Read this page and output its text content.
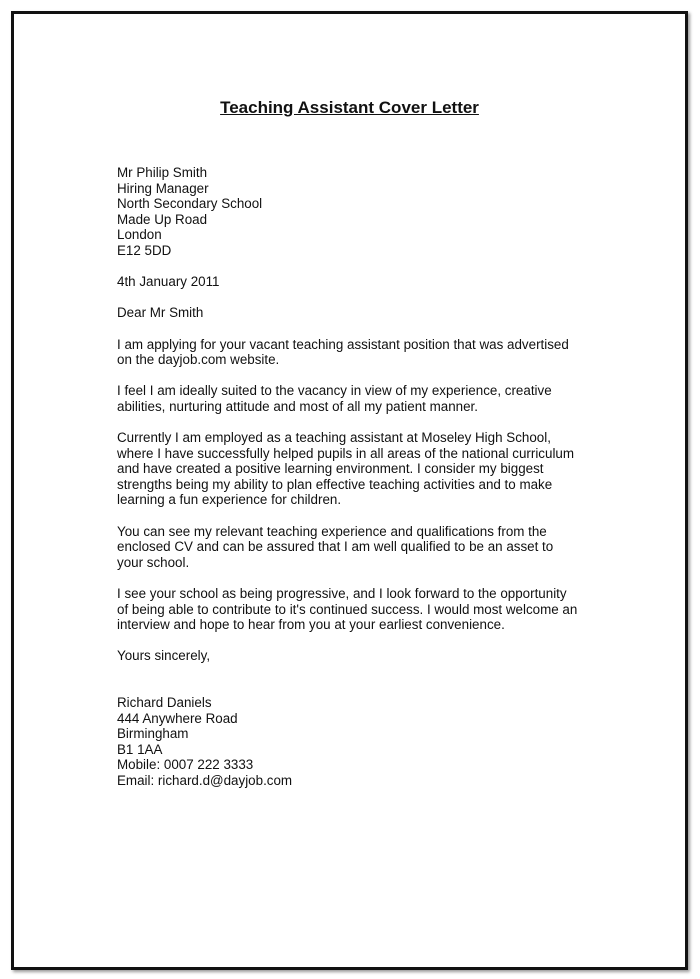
Teaching Assistant Cover Letter
Mr Philip Smith
Hiring Manager
North Secondary School
Made Up Road
London
E12 5DD
4th January 2011
Dear Mr Smith

I am applying for your vacant teaching assistant position that was advertised
on the dayjob.com website.

I feel I am ideally suited to the vacancy in view of my experience, creative
abilities, nurturing attitude and most of all my patient manner.

Currently I am employed as a teaching assistant at Moseley High School,
where I have successfully helped pupils in all areas of the national curriculum
and have created a positive learning environment. I consider my biggest
strengths being my ability to plan effective teaching activities and to make
learning a fun experience for children.

You can see my relevant teaching experience and qualifications from the
enclosed CV and can be assured that I am well qualified to be an asset to
your school.

I see your school as being progressive, and I look forward to the opportunity
of being able to contribute to it's continued success. I would most welcome an
interview and hope to hear from you at your earliest convenience.

Yours sincerely,
Richard Daniels
444 Anywhere Road
Birmingham
B1 1AA
Mobile: 0007 222 3333
Email: richard.d@dayjob.com
